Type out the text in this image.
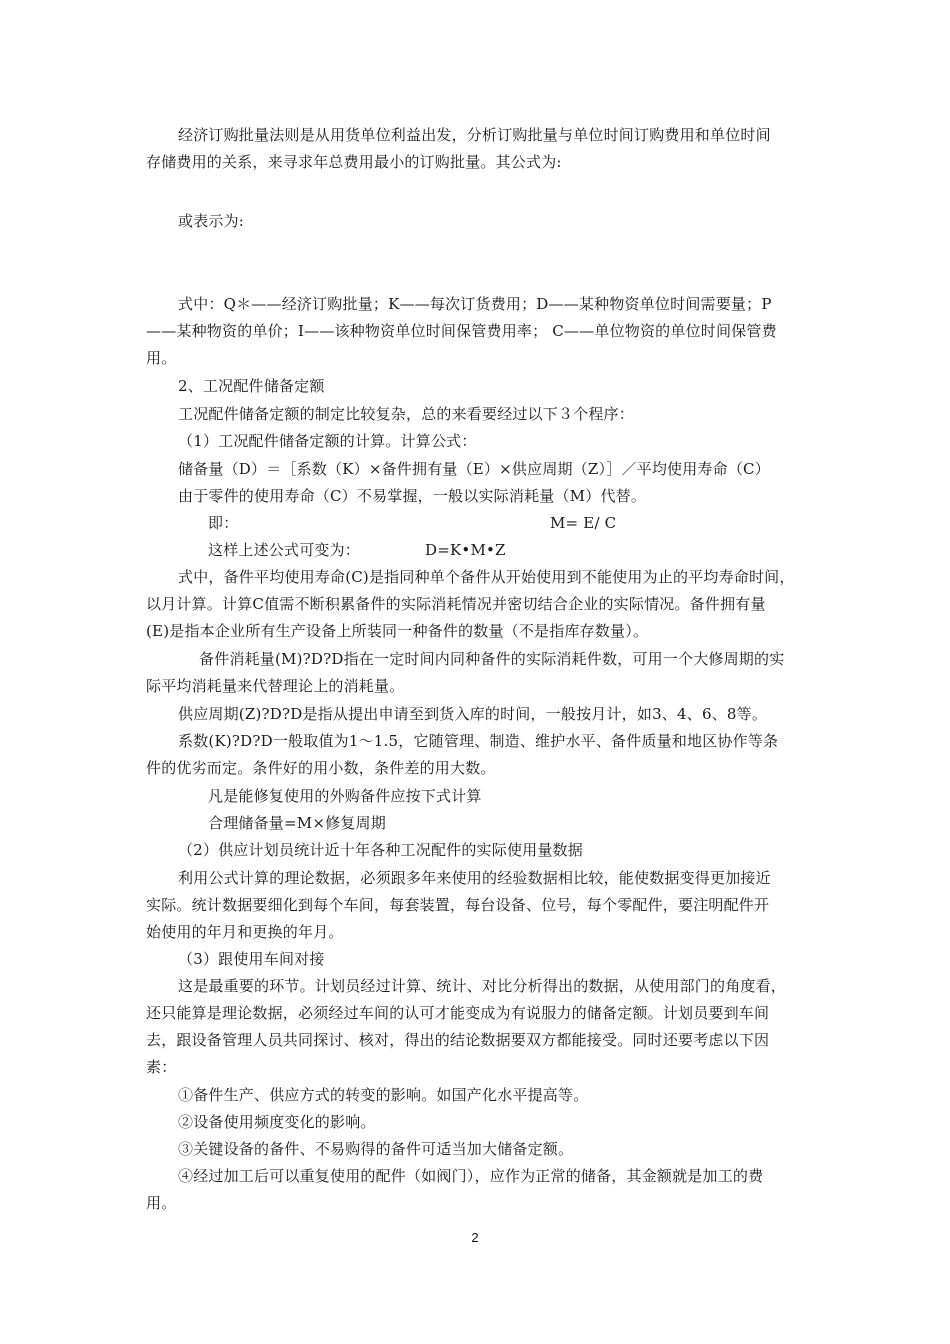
经济订购批量法则是从用货单位利益出发，分析订购批量与单位时间订购费用和单位时间
存储费用的关系，来寻求年总费用最小的订购批量。其公式为:
或表示为:
式中：Q＊——经济订购批量；K——每次订货费用；D——某种物资单位时间需要量；P
——某种物资的单价；I——该种物资单位时间保管费用率； C——单位物资的单位时间保管费
用。
2、工况配件储备定额
工况配件储备定额的制定比较复杂，总的来看要经过以下３个程序：
（1）工况配件储备定额的计算。计算公式：
储备量（D）＝［系数（K）×备件拥有量（E）×供应周期（Z）］／平均使用寿命（C）
由于零件的使用寿命（C）不易掌握，一般以实际消耗量（M）代替。
即：	M= E/ C
这样上述公式可变为：	D=K•M•Z
式中，备件平均使用寿命(C)是指同种单个备件从开始使用到不能使用为止的平均寿命时间，
以月计算。计算C值需不断积累备件的实际消耗情况并密切结合企业的实际情况。备件拥有量
(E)是指本企业所有生产设备上所装同一种备件的数量（不是指库存数量）。
备件消耗量(M)?D?D指在一定时间内同种备件的实际消耗件数，可用一个大修周期的实
际平均消耗量来代替理论上的消耗量。
供应周期(Z)?D?D是指从提出申请至到货入库的时间，一般按月计，如3、4、6、8等。
系数(K)?D?D一般取值为1～1.5，它随管理、制造、维护水平、备件质量和地区协作等条
件的优劣而定。条件好的用小数，条件差的用大数。
凡是能修复使用的外购备件应按下式计算
合理储备量=M×修复周期
（2）供应计划员统计近十年各种工况配件的实际使用量数据
利用公式计算的理论数据，必须跟多年来使用的经验数据相比较，能使数据变得更加接近
实际。统计数据要细化到每个车间，每套装置，每台设备、位号，每个零配件，要注明配件开
始使用的年月和更换的年月。
（3）跟使用车间对接
这是最重要的环节。计划员经过计算、统计、对比分析得出的数据，从使用部门的角度看，
还只能算是理论数据，必须经过车间的认可才能变成为有说服力的储备定额。计划员要到车间
去，跟设备管理人员共同探讨、核对，得出的结论数据要双方都能接受。同时还要考虑以下因
素：
①备件生产、供应方式的转变的影响。如国产化水平提高等。
②设备使用频度变化的影响。
③关键设备的备件、不易购得的备件可适当加大储备定额。
④经过加工后可以重复使用的配件（如阀门），应作为正常的储备，其金额就是加工的费
用。
2
